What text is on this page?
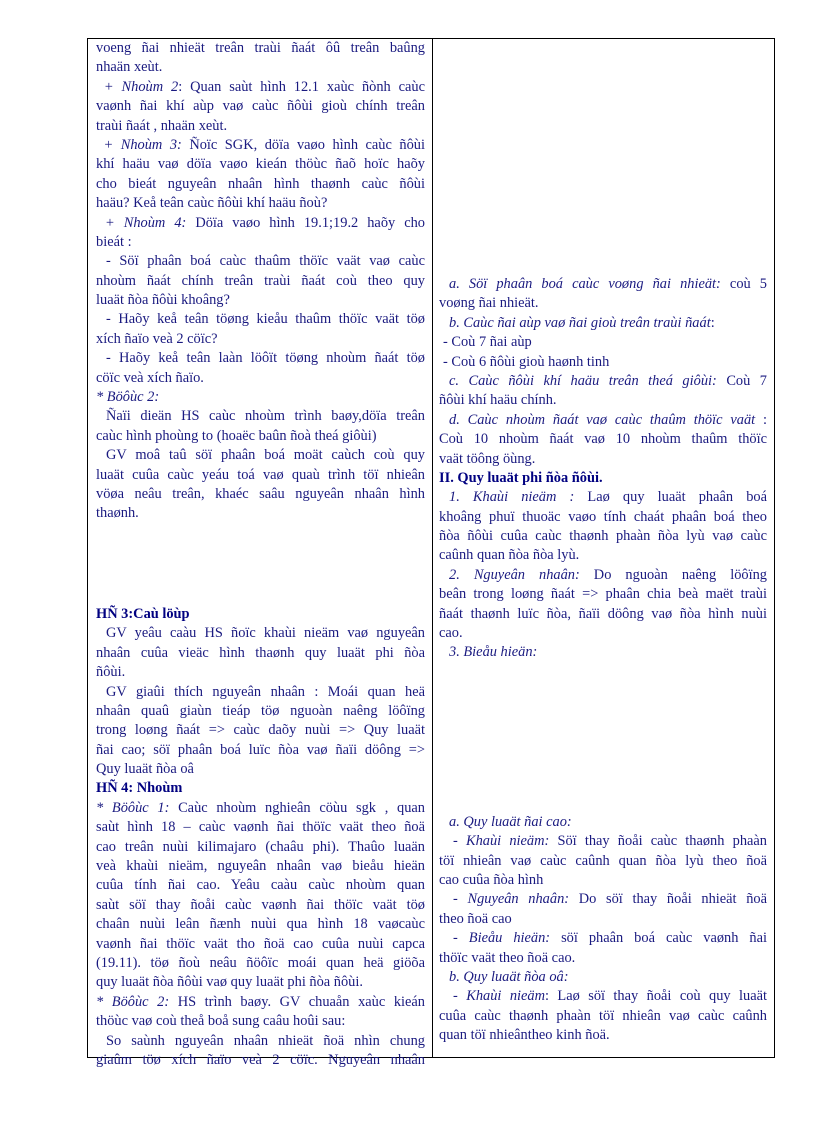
voeng ñai nhieät treân traùi ñaát ôû treân baûng
nhaän xeùt.
+ Nhoùm 2: Quan saùt hình 12.1 xaùc ñònh caùc
vaønh ñai khí aùp vaø caùc ñôùi gioù chính treân
traùi ñaát , nhaän xeùt.
+ Nhoùm 3: Ñoïc SGK, döïa vaøo hình caùc ñôùi
khí haäu vaø döïa vaøo kieán thöùc ñaõ hoïc haõy
cho bieát nguyeân nhaân hình thaønh caùc ñôùi
haäu? Keå teân caùc ñôùi khí haäu ñoù?
+ Nhoùm 4: Döïa vaøo hình 19.1;19.2 haõy cho
bieát :
- Söï phaân boá caùc thaûm thöïc vaät vaø caùc
nhoùm ñaát chính treân traùi ñaát coù theo quy
luaät ñòa ñôùi khoâng?
- Haõy keå teân töøng kieåu thaûm thöïc vaät töø
xích ñaïo veà 2 cöïc?
- Haõy keå teân laàn löôït töøng nhoùm ñaát töø
cöïc veà xích ñaïo.
* Böôùc 2:
Ñaïi dieän HS caùc nhoùm trình baøy,döïa treân
caùc hình phoùng to (hoaëc baûn ñoà theá giôùi)
GV moâ taû söï phaân boá moät caùch coù quy
luaät cuûa caùc yeáu toá vaø quaù trình töï nhieân
vöøa neâu treân, khaéc saâu nguyeân nhaân hình
thaønh.
HÑ 3:Caù löùp
GV yeâu caàu HS ñoïc khaùi nieäm vaø nguyeân
nhaân cuûa vieäc hình thaønh quy luaät phi ñòa
ñôùi.
GV giaûi thích nguyeân nhaân : Moái quan heä
nhaân quaû giaùn tieáp töø nguoàn naêng löôïng
trong loøng ñaát => caùc daõy nuùi => Quy luaät
ñai cao; söï phaân boá luïc ñòa vaø ñaïi döông =>
Quy luaät ñòa oâ
HÑ 4: Nhoùm
* Böôùc 1: Caùc nhoùm nghieân cöùu sgk , quan
saùt hình 18 – caùc vaønh ñai thöïc vaät theo ñoä
cao treân nuùi kilimajaro (chaâu phi). Thaûo luaän
veà khaùi nieäm, nguyeân nhaân vaø bieåu hieän
cuûa tính ñai cao. Yeâu caàu caùc nhoùm quan
saùt söï thay ñoåi caùc vaønh ñai thöïc vaät töø
chaân nuùi leân ñænh nuùi qua hình 18 vaøcaùc
vaønh ñai thöïc vaät tho ñoä cao cuûa nuùi capca
(19.11). töø ñoù neâu ñöôïc moái quan heä giöõa
quy luaät ñòa ñôùi vaø quy luaät phi ñòa ñôùi.
* Böôùc 2: HS trình baøy. GV chuaån xaùc kieán
thöùc vaø coù theå boå sung caâu hoûi sau:
So saùnh nguyeân nhaân nhieät ñoä nhìn chung
giaûm töø xích ñaïo veà 2 cöïc. Nguyeân nhaân
a. Söï phaân boá caùc voøng ñai nhieät: coù 5
voøng ñai nhieät.
b. Caùc ñai aùp vaø ñai gioù treân traùi ñaát:
- Coù 7 ñai aùp
- Coù 6 ñôùi gioù haønh tinh
c. Caùc ñôùi khí haäu treân theá giôùi: Coù 7
ñôùi khí haäu chính.
d. Caùc nhoùm ñaát vaø caùc thaûm thöïc vaät :
Coù 10 nhoùm ñaát vaø 10 nhoùm thaûm thöïc
vaät töông öùng.
II. Quy luaät phi ñòa ñôùi.
1. Khaùi nieäm : Laø quy luaät phaân boá
khoâng phuï thuoäc vaøo tính chaát phaân boá theo
ñòa ñôùi cuûa caùc thaønh phaàn ñòa lyù vaø caùc
caûnh quan ñòa ñòa lyù.
2. Nguyeân nhaân: Do nguoàn naêng löôïng
beân trong loøng ñaát => phaân chia beà maët traùi
ñaát thaønh luïc ñòa, ñaïi döông vaø ñòa hình nuùi
cao.
3. Bieåu hieän:
a. Quy luaät ñai cao:
- Khaùi nieäm: Söï thay ñoåi caùc thaønh phaàn
töï nhieân vaø caùc caûnh quan ñòa lyù theo ñoä
cao cuûa ñòa hình
- Nguyeân nhaân: Do söï thay ñoåi nhieät ñoä
theo ñoä cao
- Bieåu hieän: söï phaân boá caùc vaønh ñai
thöïc vaät theo ñoä cao.
b. Quy luaät ñòa oâ:
- Khaùi nieäm: Laø söï thay ñoåi coù quy luaät
cuûa caùc thaønh phaàn töï nhieân vaø caùc caûnh
quan töï nhieântheo kinh ñoä.
